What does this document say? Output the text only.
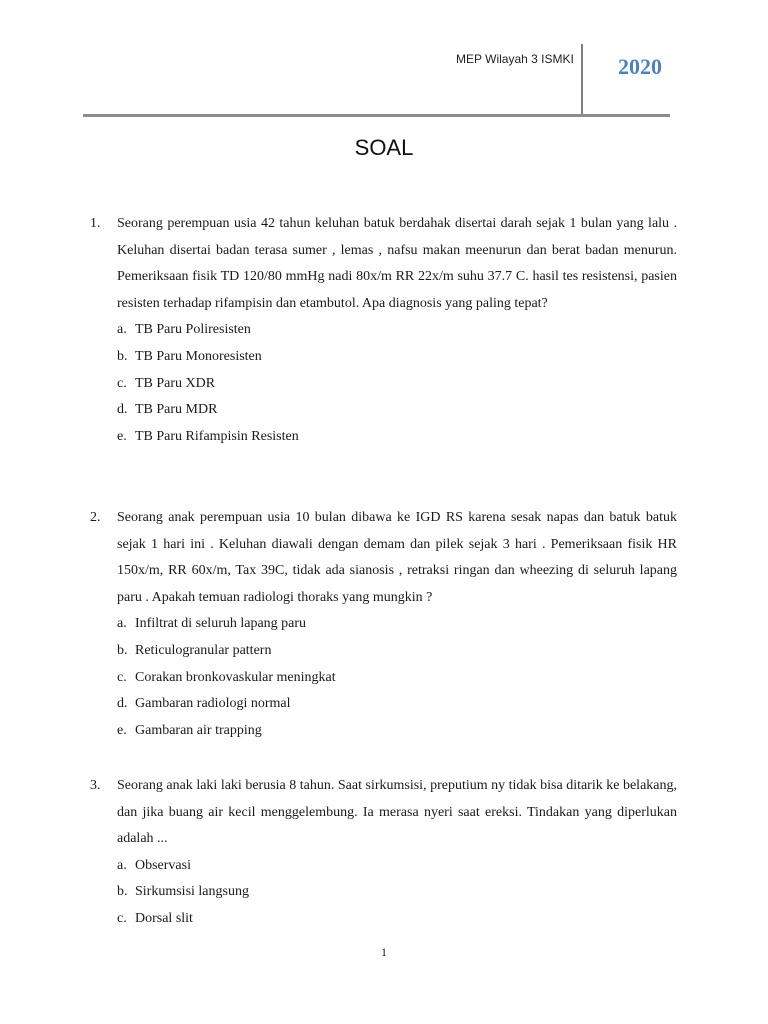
MEP Wilayah 3 ISMKI 2020
SOAL
1. Seorang perempuan usia 42 tahun keluhan batuk berdahak disertai darah sejak 1 bulan yang lalu . Keluhan disertai badan terasa sumer , lemas , nafsu makan meenurun dan berat badan menurun. Pemeriksaan fisik TD 120/80 mmHg nadi 80x/m RR 22x/m suhu 37.7 C. hasil tes resistensi, pasien resisten terhadap rifampisin dan etambutol. Apa diagnosis yang paling tepat?
a. TB Paru Poliresisten
b. TB Paru Monoresisten
c. TB Paru XDR
d. TB Paru MDR
e. TB Paru Rifampisin Resisten
2. Seorang anak perempuan usia 10 bulan dibawa ke IGD RS karena sesak napas dan batuk batuk sejak 1 hari ini . Keluhan diawali dengan demam dan pilek sejak 3 hari . Pemeriksaan fisik HR 150x/m, RR 60x/m, Tax 39C, tidak ada sianosis , retraksi ringan dan wheezing di seluruh lapang paru . Apakah temuan radiologi thoraks yang mungkin ?
a. Infiltrat di seluruh lapang paru
b. Reticulogranular pattern
c. Corakan bronkovaskular meningkat
d. Gambaran radiologi normal
e. Gambaran air trapping
3. Seorang anak laki laki berusia 8 tahun. Saat sirkumsisi, preputium ny tidak bisa ditarik ke belakang, dan jika buang air kecil menggelembung. Ia merasa nyeri saat ereksi. Tindakan yang diperlukan adalah ...
a. Observasi
b. Sirkumsisi langsung
c. Dorsal slit
1
